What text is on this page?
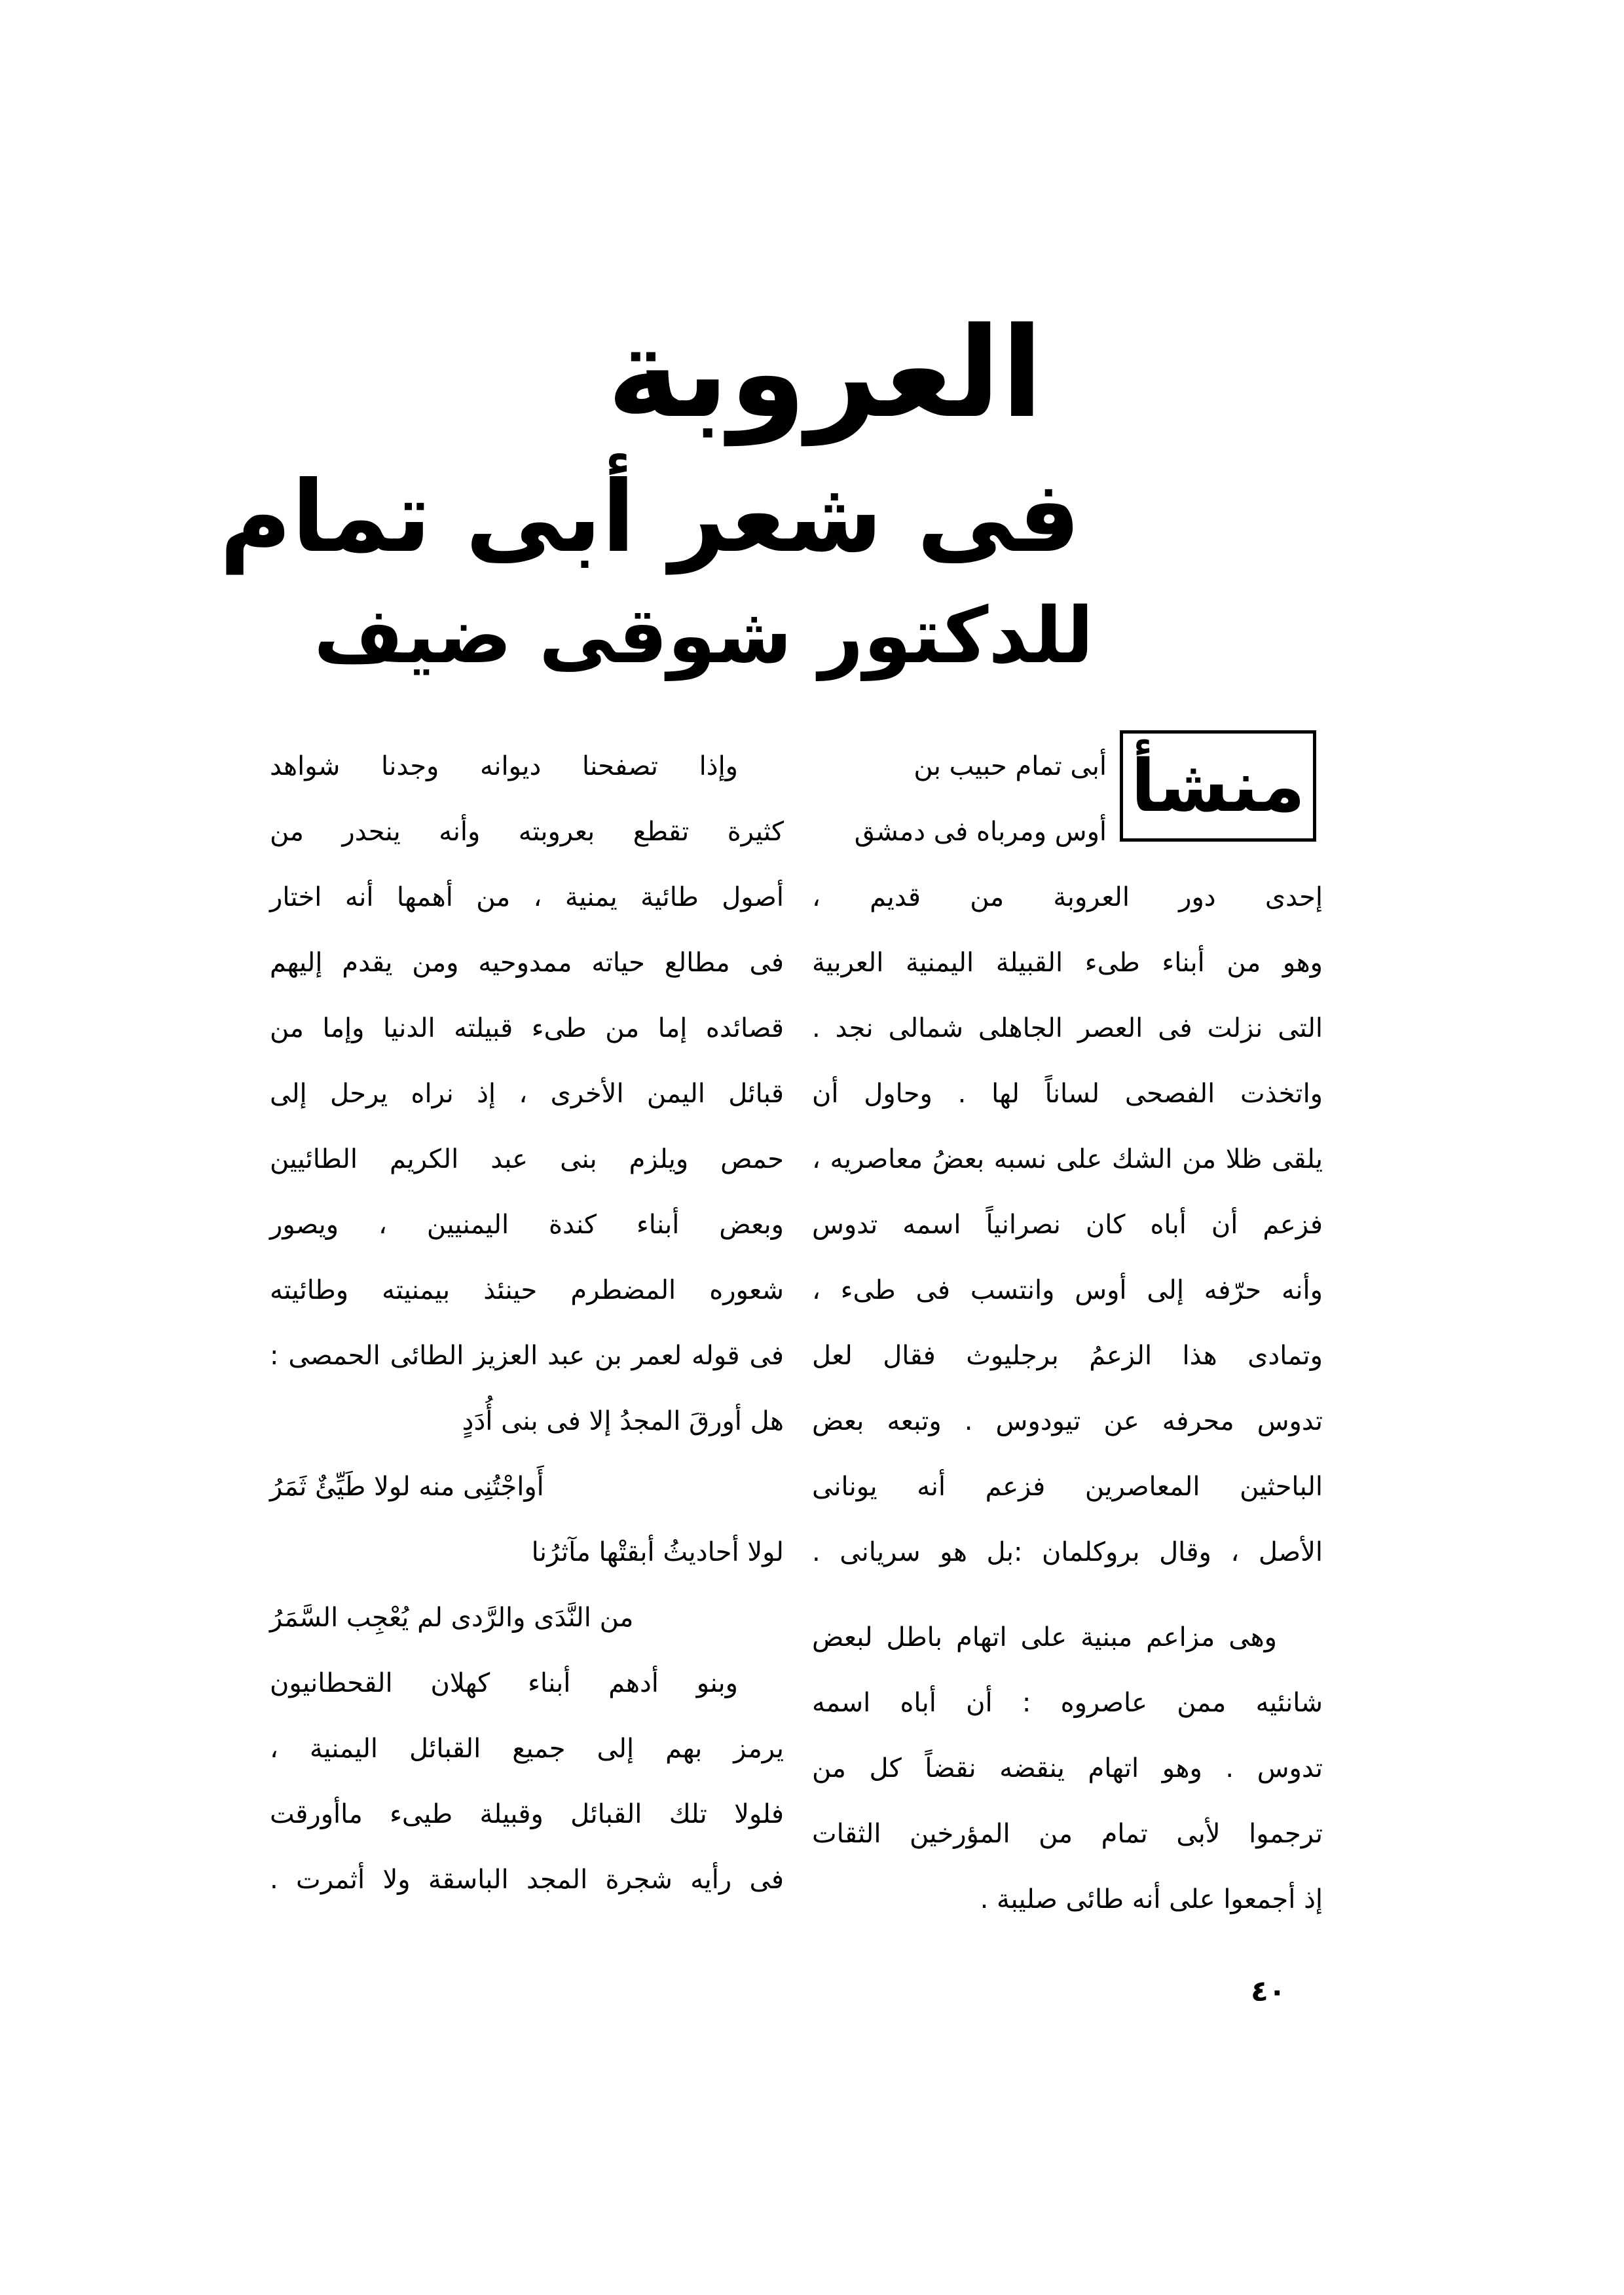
العروبة
فى شعر أبى تمام
للدكتور شوقى ضيف
منشأ
أبى تمام حبيب بن
أوس ومرباه فى دمشق
إحدى دور العروبة من قديم ،
وهو من أبناء طىء القبيلة اليمنية العربية
التى نزلت فى العصر الجاهلى شمالى نجد .
واتخذت الفصحى لساناً لها . وحاول أن
يلقى ظلا من الشك على نسبه بعضُ معاصريه ،
فزعم أن أباه كان نصرانياً اسمه تدوس
وأنه حرّفه إلى أوس وانتسب فى طىء ،
وتمادى هذا الزعمُ برجليوث فقال لعل
تدوس محرفه عن تيودوس . وتبعه بعض
الباحثين المعاصرين فزعم أنه يونانى
الأصل ، وقال بروكلمان :بل هو سريانى .
وهى مزاعم مبنية على اتهام باطل لبعض
شانئيه ممن عاصروه : أن أباه اسمه
تدوس . وهو اتهام ينقضه نقضاً كل من
ترجموا لأبى تمام من المؤرخين الثقات
إذ أجمعوا على أنه طائى صليبة .
وإذا تصفحنا ديوانه وجدنا شواهد
كثيرة تقطع بعروبته وأنه ينحدر من
أصول طائية يمنية ، من أهمها أنه اختار
فى مطالع حياته ممدوحيه ومن يقدم إليهم
قصائده إما من طىء قبيلته الدنيا وإما من
قبائل اليمن الأخرى ، إذ نراه يرحل إلى
حمص ويلزم بنى عبد الكريم الطائيين
وبعض أبناء كندة اليمنيين ، ويصور
شعوره المضطرم حينئذ بيمنيته وطائيته
فى قوله لعمر بن عبد العزيز الطائى الحمصى :
هل أورقَ المجدُ إلا فى بنى أُدَدٍ
أَواجْتُنِى منه لولا طَيِّئٌ ثَمَرُ
لولا أحاديثُ أبقتْها مآثرُنا
من النَّدَى والرَّدى لم يُعْجِب السَّمَرُ
وبنو أدهم أبناء كهلان القحطانيون
يرمز بهم إلى جميع القبائل اليمنية ،
فلولا تلك القبائل وقبيلة طيىء ماأورقت
فى رأيه شجرة المجد الباسقة ولا أثمرت .
٤٠
